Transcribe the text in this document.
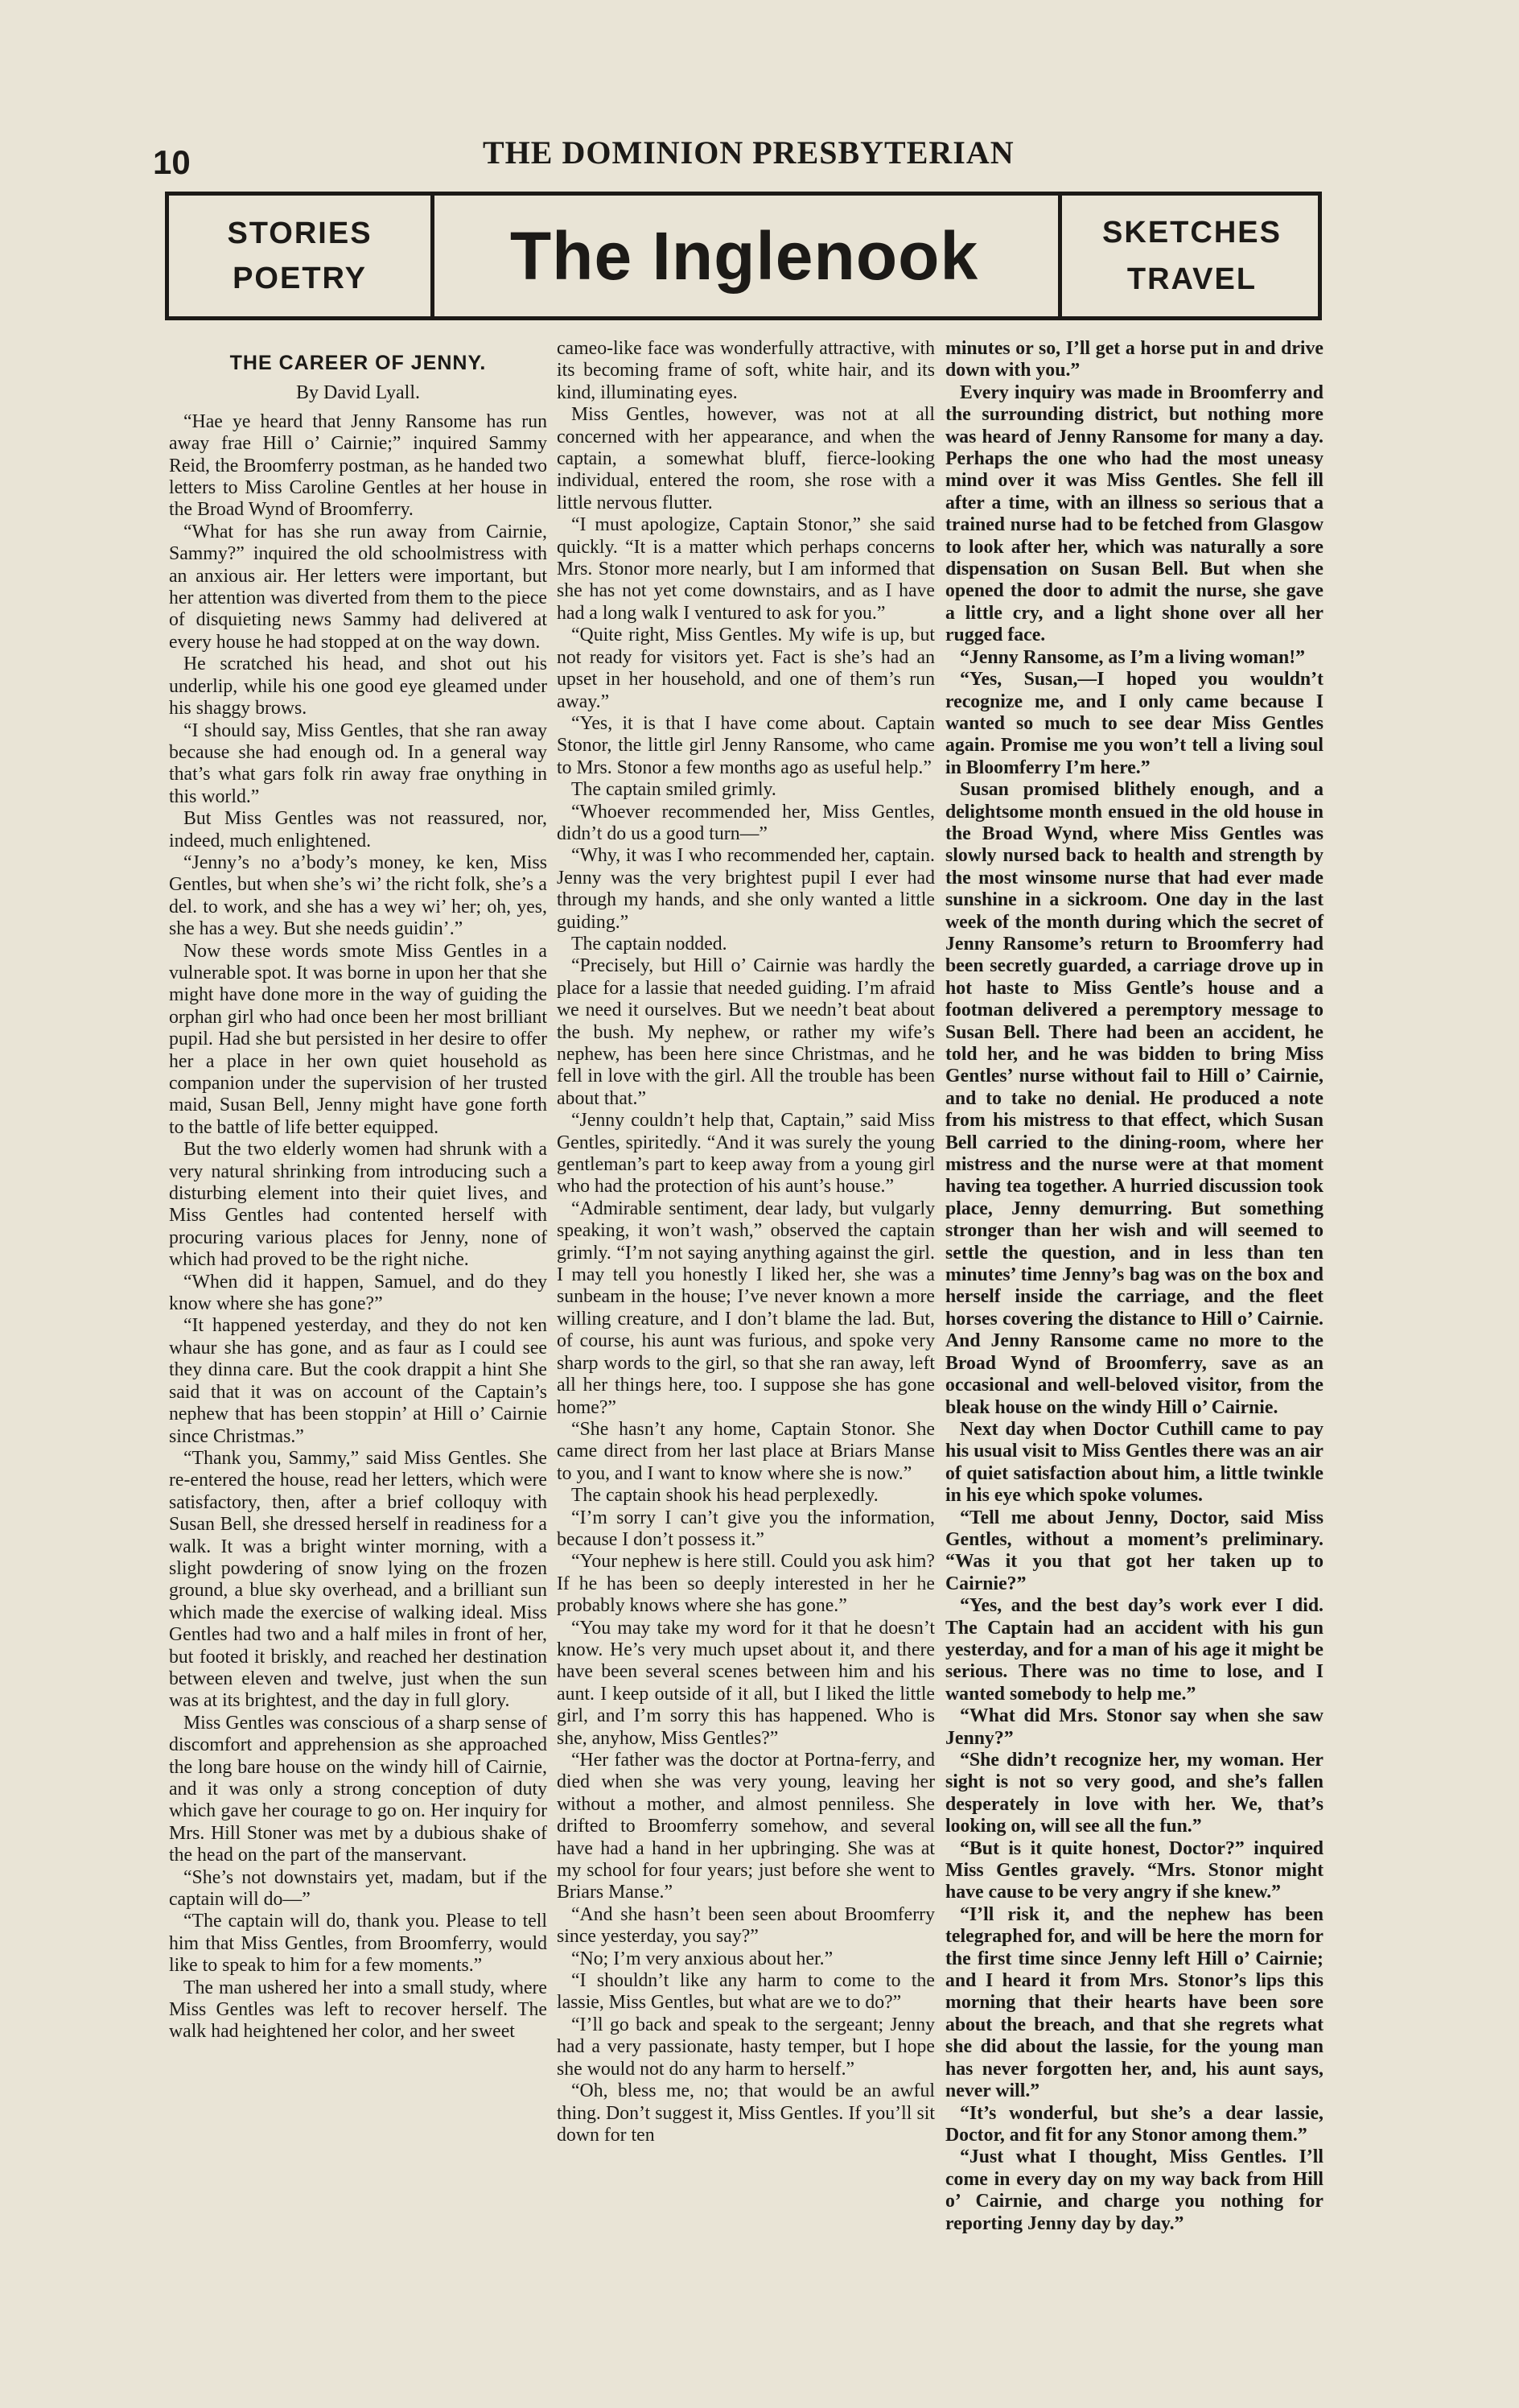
10	THE DOMINION PRESBYTERIAN
STORIES
POETRY The Inglenook	SKETCHES
TRAVEL
THE CAREER OF JENNY.
By David Lyall.

“Hae ye heard that Jenny Ransome has run away frae Hill o’ Cairnie;” inquired Sammy Reid, the Broomferry postman, as he handed two letters to Miss Caroline Gentles at her house in the Broad Wynd of Broomferry.

“What for has she run away from Cairnie, Sammy?” inquired the old schoolmistress with an anxious air. Her letters were important, but her attention was diverted from them to the piece of disquieting news Sammy had delivered at every house he had stopped at on the way down.

He scratched his head, and shot out his underlip, while his one good eye gleamed under his shaggy brows.

“I should say, Miss Gentles, that she ran away because she had enough od. In a general way that’s what gars folk rin away frae onything in this world.”

But Miss Gentles was not reassured, nor, indeed, much enlightened.

“Jenny’s no a’body’s money, ke ken, Miss Gentles, but when she’s wi’ the richt folk, she’s a del. to work, and she has a wey wi’ her; oh, yes, she has a wey. But she needs guidin’.”

Now these words smote Miss Gentles in a vulnerable spot. It was borne in upon her that she might have done more in the way of guiding the orphan girl who had once been her most brilliant pupil. Had she but persisted in her desire to offer her a place in her own quiet household as companion under the supervision of her trusted maid, Susan Bell, Jenny might have gone forth to the battle of life better equipped.

But the two elderly women had shrunk with a very natural shrinking from introducing such a disturbing element into their quiet lives, and Miss Gentles had contented herself with procuring various places for Jenny, none of which had proved to be the right niche.

“When did it happen, Samuel, and do they know where she has gone?”

“It happened yesterday, and they do not ken whaur she has gone, and as faur as I could see they dinna care. But the cook drappit a hint She said that it was on account of the Captain’s nephew that has been stoppin’ at Hill o’ Cairnie since Christmas.”

“Thank you, Sammy,” said Miss Gentles. She re-entered the house, read her letters, which were satisfactory, then, after a brief colloquy with Susan Bell, she dressed herself in readiness for a walk. It was a bright winter morning, with a slight powdering of snow lying on the frozen ground, a blue sky overhead, and a brilliant sun which made the exercise of walking ideal. Miss Gentles had two and a half miles in front of her, but footed it briskly, and reached her destination between eleven and twelve, just when the sun was at its brightest, and the day in full glory.

Miss Gentles was conscious of a sharp sense of discomfort and apprehension as she approached the long bare house on the windy hill of Cairnie, and it was only a strong conception of duty which gave her courage to go on. Her inquiry for Mrs. Hill Stoner was met by a dubious shake of the head on the part of the manservant.

“She’s not downstairs yet, madam, but if the captain will do—”

“The captain will do, thank you. Please to tell him that Miss Gentles, from Broomferry, would like to speak to him for a few moments.”

The man ushered her into a small study, where Miss Gentles was left to recover herself. The walk had heightened her color, and her sweet

cameo-like face was wonderfully attractive, with its becoming frame of soft, white hair, and its kind, illuminating eyes.

Miss Gentles, however, was not at all concerned with her appearance, and when the captain, a somewhat bluff, fierce-looking individual, entered the room, she rose with a little nervous flutter.

“I must apologize, Captain Stonor,” she said quickly. “It is a matter which perhaps concerns Mrs. Stonor more nearly, but I am informed that she has not yet come downstairs, and as I have had a long walk I ventured to ask for you.”

“Quite right, Miss Gentles. My wife is up, but not ready for visitors yet. Fact is she’s had an upset in her household, and one of them’s run away.”

“Yes, it is that I have come about. Captain Stonor, the little girl Jenny Ransome, who came to Mrs. Stonor a few months ago as useful help.”

The captain smiled grimly.

“Whoever recommended her, Miss Gentles, didn’t do us a good turn—”

“Why, it was I who recommended her, captain. Jenny was the very brightest pupil I ever had through my hands, and she only wanted a little guiding.”

The captain nodded.

“Precisely, but Hill o’ Cairnie was hardly the place for a lassie that needed guiding. I’m afraid we need it ourselves. But we needn’t beat about the bush. My nephew, or rather my wife’s nephew, has been here since Christmas, and he fell in love with the girl. All the trouble has been about that.”

“Jenny couldn’t help that, Captain,” said Miss Gentles, spiritedly. “And it was surely the young gentleman’s part to keep away from a young girl who had the protection of his aunt’s house.”

“Admirable sentiment, dear lady, but vulgarly speaking, it won’t wash,” observed the captain grimly. “I’m not saying anything against the girl. I may tell you honestly I liked her, she was a sunbeam in the house; I’ve never known a more willing creature, and I don’t blame the lad. But, of course, his aunt was furious, and spoke very sharp words to the girl, so that she ran away, left all her things here, too. I suppose she has gone home?”

“She hasn’t any home, Captain Stonor. She came direct from her last place at Briars Manse to you, and I want to know where she is now.”

The captain shook his head perplexedly.

“I’m sorry I can’t give you the information, because I don’t possess it.”

“Your nephew is here still. Could you ask him? If he has been so deeply interested in her he probably knows where she has gone.”

“You may take my word for it that he doesn’t know. He’s very much upset about it, and there have been several scenes between him and his aunt. I keep outside of it all, but I liked the little girl, and I’m sorry this has happened. Who is she, anyhow, Miss Gentles?”

“Her father was the doctor at Portna-ferry, and died when she was very young, leaving her without a mother, and almost penniless. She drifted to Broomferry somehow, and several have had a hand in her upbringing. She was at my school for four years; just before she went to Briars Manse.”

“And she hasn’t been seen about Broomferry since yesterday, you say?”

“No; I’m very anxious about her.”

“I shouldn’t like any harm to come to the lassie, Miss Gentles, but what are we to do?”

“I’ll go back and speak to the sergeant; Jenny had a very passionate, hasty temper, but I hope she would not do any harm to herself.”

“Oh, bless me, no; that would be an awful thing. Don’t suggest it, Miss Gentles. If you’ll sit down for ten

minutes or so, I’ll get a horse put in and drive down with you.”

Every inquiry was made in Broomferry and the surrounding district, but nothing more was heard of Jenny Ransome for many a day. Perhaps the one who had the most uneasy mind over it was Miss Gentles. She fell ill after a time, with an illness so serious that a trained nurse had to be fetched from Glasgow to look after her, which was naturally a sore dispensation on Susan Bell. But when she opened the door to admit the nurse, she gave a little cry, and a light shone over all her rugged face.

“Jenny Ransome, as I’m a living woman!”

“Yes, Susan,—I hoped you wouldn’t recognize me, and I only came because I wanted so much to see dear Miss Gentles again. Promise me you won’t tell a living soul in Bloomferry I’m here.”

Susan promised blithely enough, and a delightsome month ensued in the old house in the Broad Wynd, where Miss Gentles was slowly nursed back to health and strength by the most winsome nurse that had ever made sunshine in a sickroom. One day in the last week of the month during which the secret of Jenny Ransome’s return to Broomferry had been secretly guarded, a carriage drove up in hot haste to Miss Gentle’s house and a footman delivered a peremptory message to Susan Bell. There had been an accident, he told her, and he was bidden to bring Miss Gentles’ nurse without fail to Hill o’ Cairnie, and to take no denial. He produced a note from his mistress to that effect, which Susan Bell carried to the dining-room, where her mistress and the nurse were at that moment having tea together. A hurried discussion took place, Jenny demurring. But something stronger than her wish and will seemed to settle the question, and in less than ten minutes’ time Jenny’s bag was on the box and herself inside the carriage, and the fleet horses covering the distance to Hill o’ Cairnie. And Jenny Ransome came no more to the Broad Wynd of Broomferry, save as an occasional and well-beloved visitor, from the bleak house on the windy Hill o’ Cairnie.

Next day when Doctor Cuthill came to pay his usual visit to Miss Gentles there was an air of quiet satisfaction about him, a little twinkle in his eye which spoke volumes.

“Tell me about Jenny, Doctor, said Miss Gentles, without a moment’s preliminary. “Was it you that got her taken up to Cairnie?”

“Yes, and the best day’s work ever I did. The Captain had an accident with his gun yesterday, and for a man of his age it might be serious. There was no time to lose, and I wanted somebody to help me.”

“What did Mrs. Stonor say when she saw Jenny?”

“She didn’t recognize her, my woman. Her sight is not so very good, and she’s fallen desperately in love with her. We, that’s looking on, will see all the fun.”

“But is it quite honest, Doctor?” inquired Miss Gentles gravely. “Mrs. Stonor might have cause to be very angry if she knew.”

“I’ll risk it, and the nephew has been telegraphed for, and will be here the morn for the first time since Jenny left Hill o’ Cairnie; and I heard it from Mrs. Stonor’s lips this morning that their hearts have been sore about the breach, and that she regrets what she did about the lassie, for the young man has never forgotten her, and, his aunt says, never will.”

“It’s wonderful, but she’s a dear lassie, Doctor, and fit for any Stonor among them.”

“Just what I thought, Miss Gentles. I’ll come in every day on my way back from Hill o’ Cairnie, and charge you nothing for reporting Jenny day by day.”
